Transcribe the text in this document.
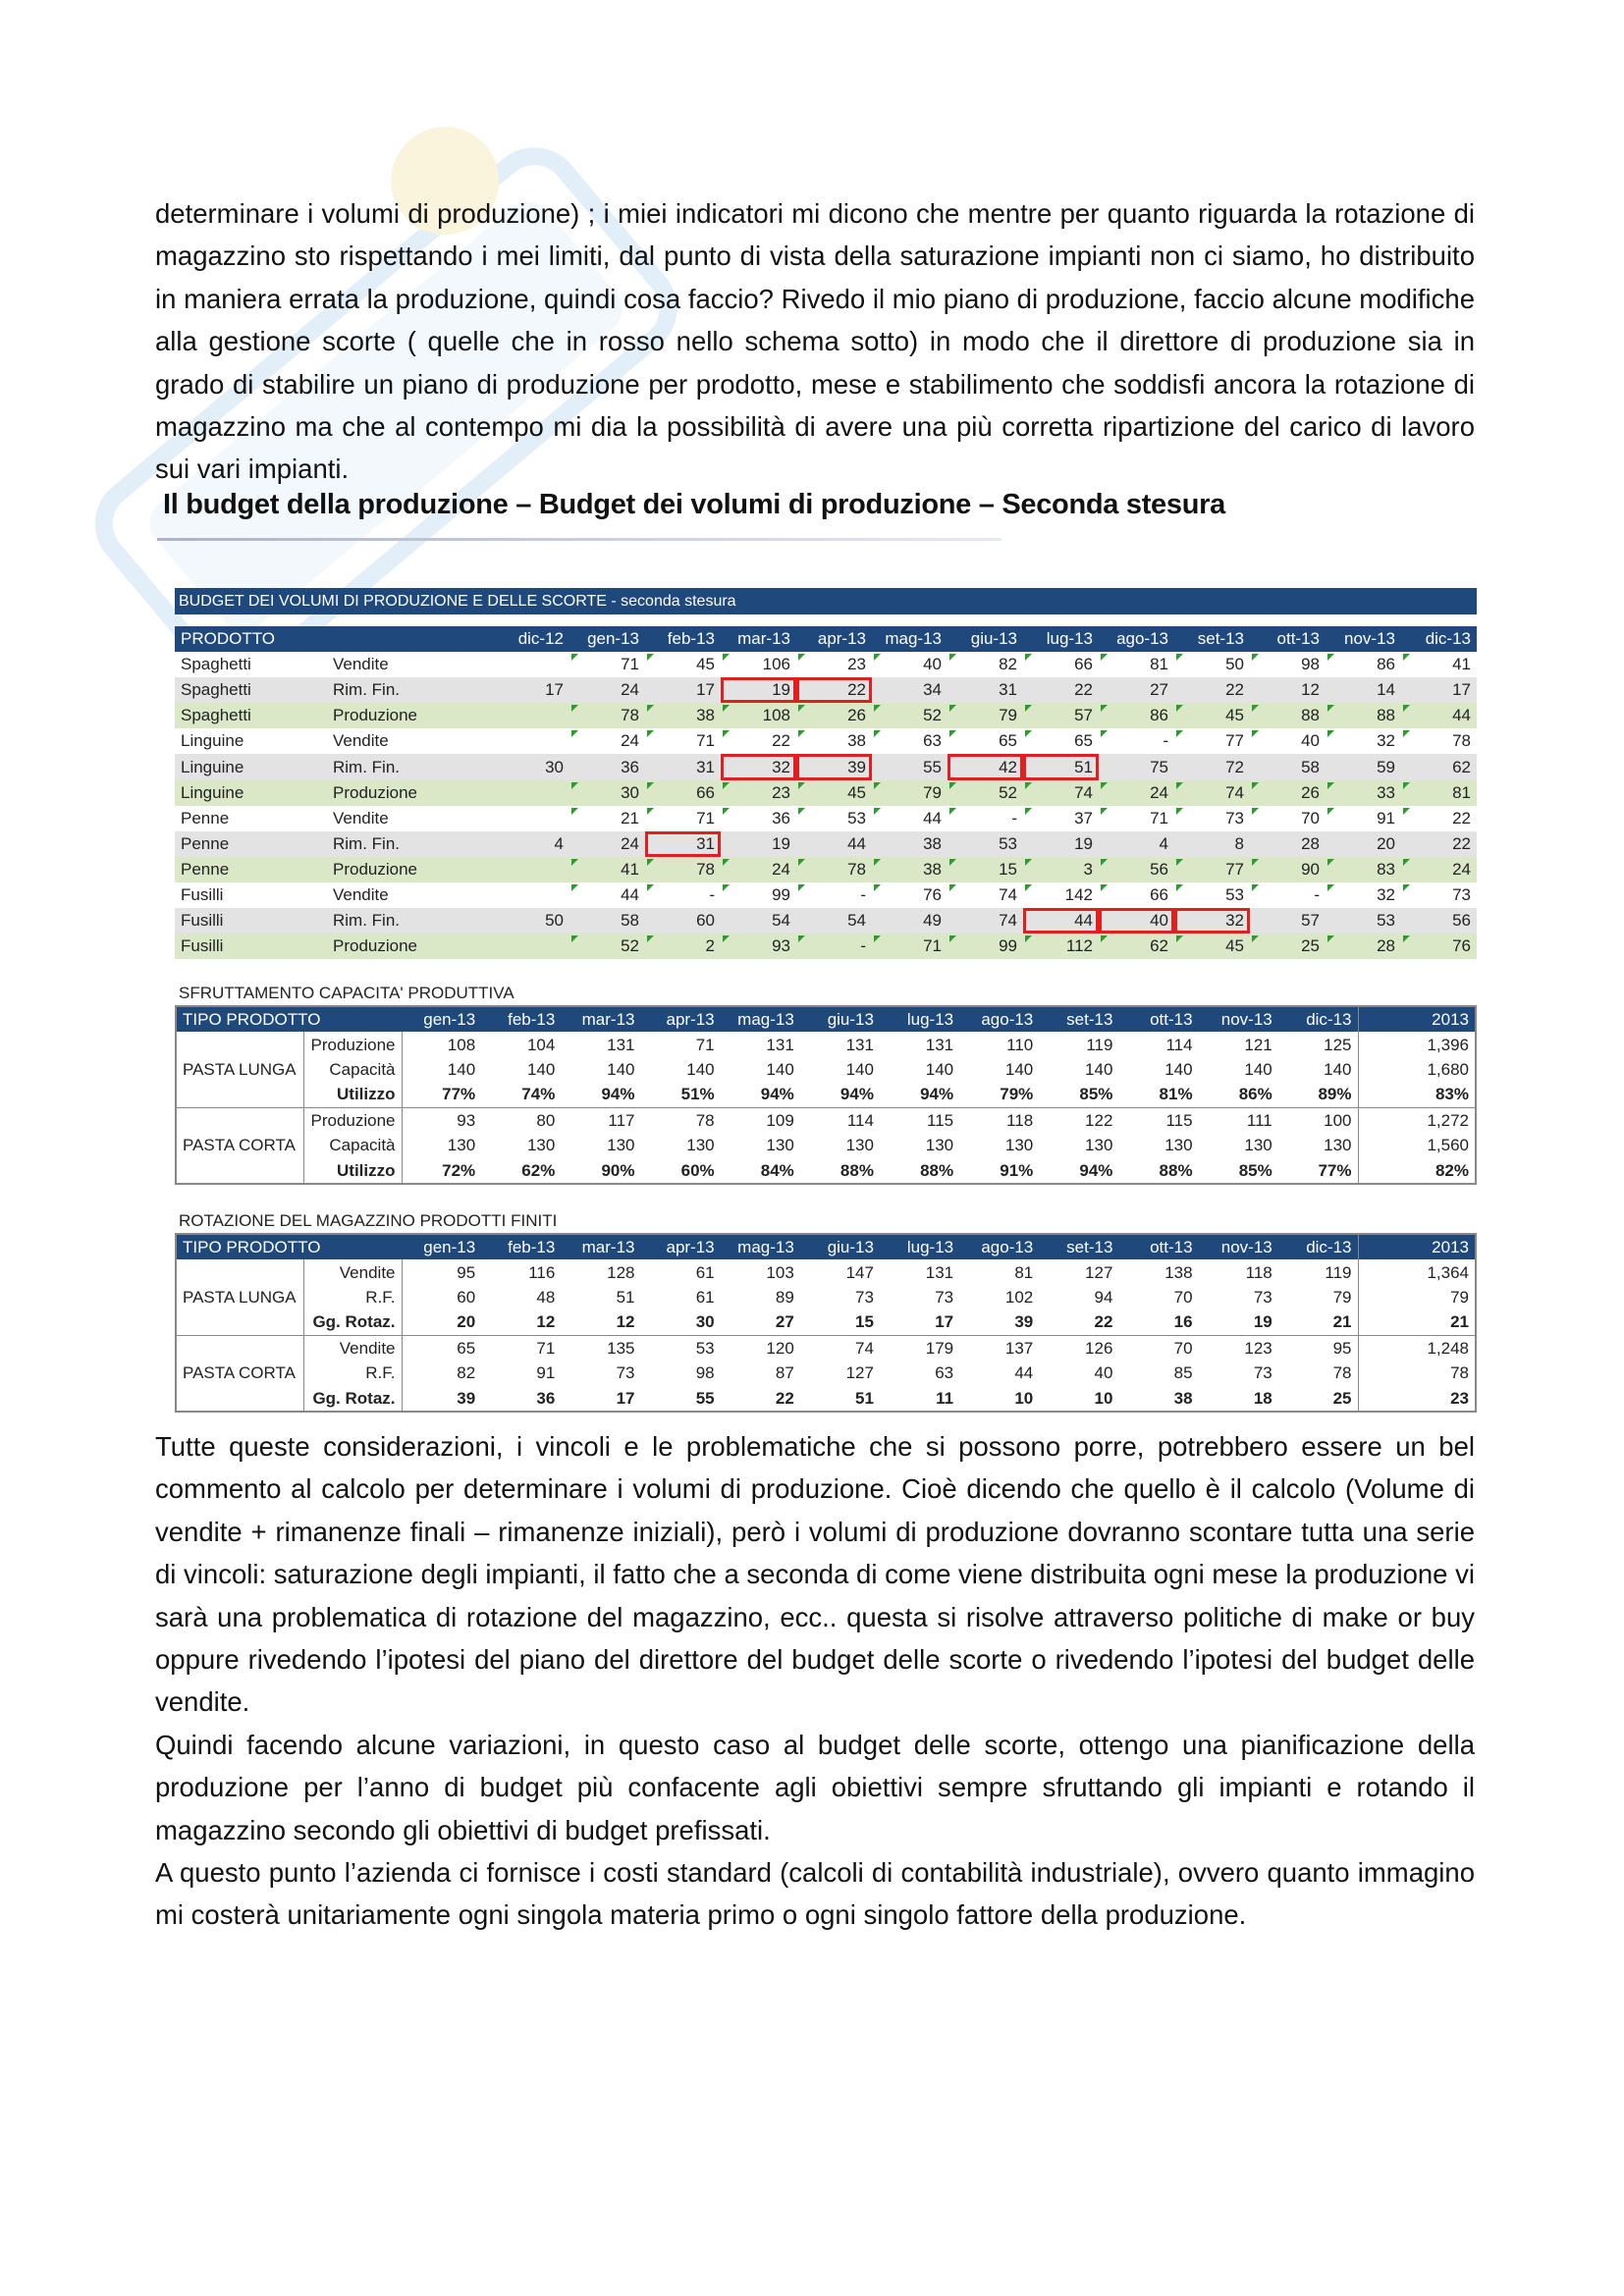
determinare i volumi di produzione) ; i miei indicatori mi dicono che mentre per quanto riguarda la rotazione di magazzino sto rispettando i mei limiti, dal punto di vista della saturazione impianti non ci siamo, ho distribuito in maniera errata la produzione, quindi cosa faccio? Rivedo il mio piano di produzione, faccio alcune modifiche alla gestione scorte ( quelle che in rosso nello schema sotto) in modo che il direttore di produzione sia in grado di stabilire un piano di produzione per prodotto, mese e stabilimento che soddisfi ancora la rotazione di magazzino ma che al contempo mi dia la possibilità di avere una più corretta ripartizione del carico di lavoro sui vari impianti.

Il budget della produzione – Budget dei volumi di produzione – Seconda stesura
BUDGET DEI VOLUMI DI PRODUZIONE E DELLE SCORTE - seconda stesura
PRODOTTO		dic-12	gen-13	feb-13	mar-13	apr-13	mag-13	giu-13	lug-13	ago-13	set-13	ott-13	nov-13	dic-13
Spaghetti	Vendite		71	45	106	23	40	82	66	81	50	98	86	41
Spaghetti	Rim. Fin.	17	24	17	19	22	34	31	22	27	22	12	14	17
Spaghetti	Produzione		78	38	108	26	52	79	57	86	45	88	88	44
Linguine	Vendite		24	71	22	38	63	65	65	-	77	40	32	78
Linguine	Rim. Fin.	30	36	31	32	39	55	42	51	75	72	58	59	62
Linguine	Produzione		30	66	23	45	79	52	74	24	74	26	33	81
Penne	Vendite		21	71	36	53	44	-	37	71	73	70	91	22
Penne	Rim. Fin.	4	24	31	19	44	38	53	19	4	8	28	20	22
Penne	Produzione		41	78	24	78	38	15	3	56	77	90	83	24
Fusilli	Vendite		44	-	99	-	76	74	142	66	53	-	32	73
Fusilli	Rim. Fin.	50	58	60	54	54	49	74	44	40	32	57	53	56
Fusilli	Produzione		52	2	93	-	71	99	112	62	45	25	28	76
SFRUTTAMENTO CAPACITA' PRODUTTIVA
TIPO PRODOTTO		gen-13	feb-13	mar-13	apr-13	mag-13	giu-13	lug-13	ago-13	set-13	ott-13	nov-13	dic-13	2013
	Produzione	108	104	131	71	131	131	131	110	119	114	121	125	1,396
PASTA LUNGA	Capacità	140	140	140	140	140	140	140	140	140	140	140	140	1,680
	Utilizzo	77%	74%	94%	51%	94%	94%	94%	79%	85%	81%	86%	89%	83%
	Produzione	93	80	117	78	109	114	115	118	122	115	111	100	1,272
PASTA CORTA	Capacità	130	130	130	130	130	130	130	130	130	130	130	130	1,560
	Utilizzo	72%	62%	90%	60%	84%	88%	88%	91%	94%	88%	85%	77%	82%
ROTAZIONE DEL MAGAZZINO PRODOTTI FINITI
TIPO PRODOTTO		gen-13	feb-13	mar-13	apr-13	mag-13	giu-13	lug-13	ago-13	set-13	ott-13	nov-13	dic-13	2013
	Vendite	95	116	128	61	103	147	131	81	127	138	118	119	1,364
PASTA LUNGA	R.F.	60	48	51	61	89	73	73	102	94	70	73	79	79
	Gg. Rotaz.	20	12	12	30	27	15	17	39	22	16	19	21	21
	Vendite	65	71	135	53	120	74	179	137	126	70	123	95	1,248
PASTA CORTA	R.F.	82	91	73	98	87	127	63	44	40	85	73	78	78
	Gg. Rotaz.	39	36	17	55	22	51	11	10	10	38	18	25	23
Tutte queste considerazioni, i vincoli e le problematiche che si possono porre, potrebbero essere un bel commento al calcolo per determinare i volumi di produzione. Cioè dicendo che quello è il calcolo (Volume di vendite + rimanenze finali – rimanenze iniziali), però i volumi di produzione dovranno scontare tutta una serie di vincoli: saturazione degli impianti, il fatto che a seconda di come viene distribuita ogni mese la produzione vi sarà una problematica di rotazione del magazzino, ecc.. questa si risolve attraverso politiche di make or buy oppure rivedendo l’ipotesi del piano del direttore del budget delle scorte o rivedendo l’ipotesi del budget delle vendite.
Quindi facendo alcune variazioni, in questo caso al budget delle scorte, ottengo una pianificazione della produzione per l’anno di budget più confacente agli obiettivi sempre sfruttando gli impianti e rotando il magazzino secondo gli obiettivi di budget prefissati.
A questo punto l’azienda ci fornisce i costi standard (calcoli di contabilità industriale), ovvero quanto immagino mi costerà unitariamente ogni singola materia primo o ogni singolo fattore della produzione.
